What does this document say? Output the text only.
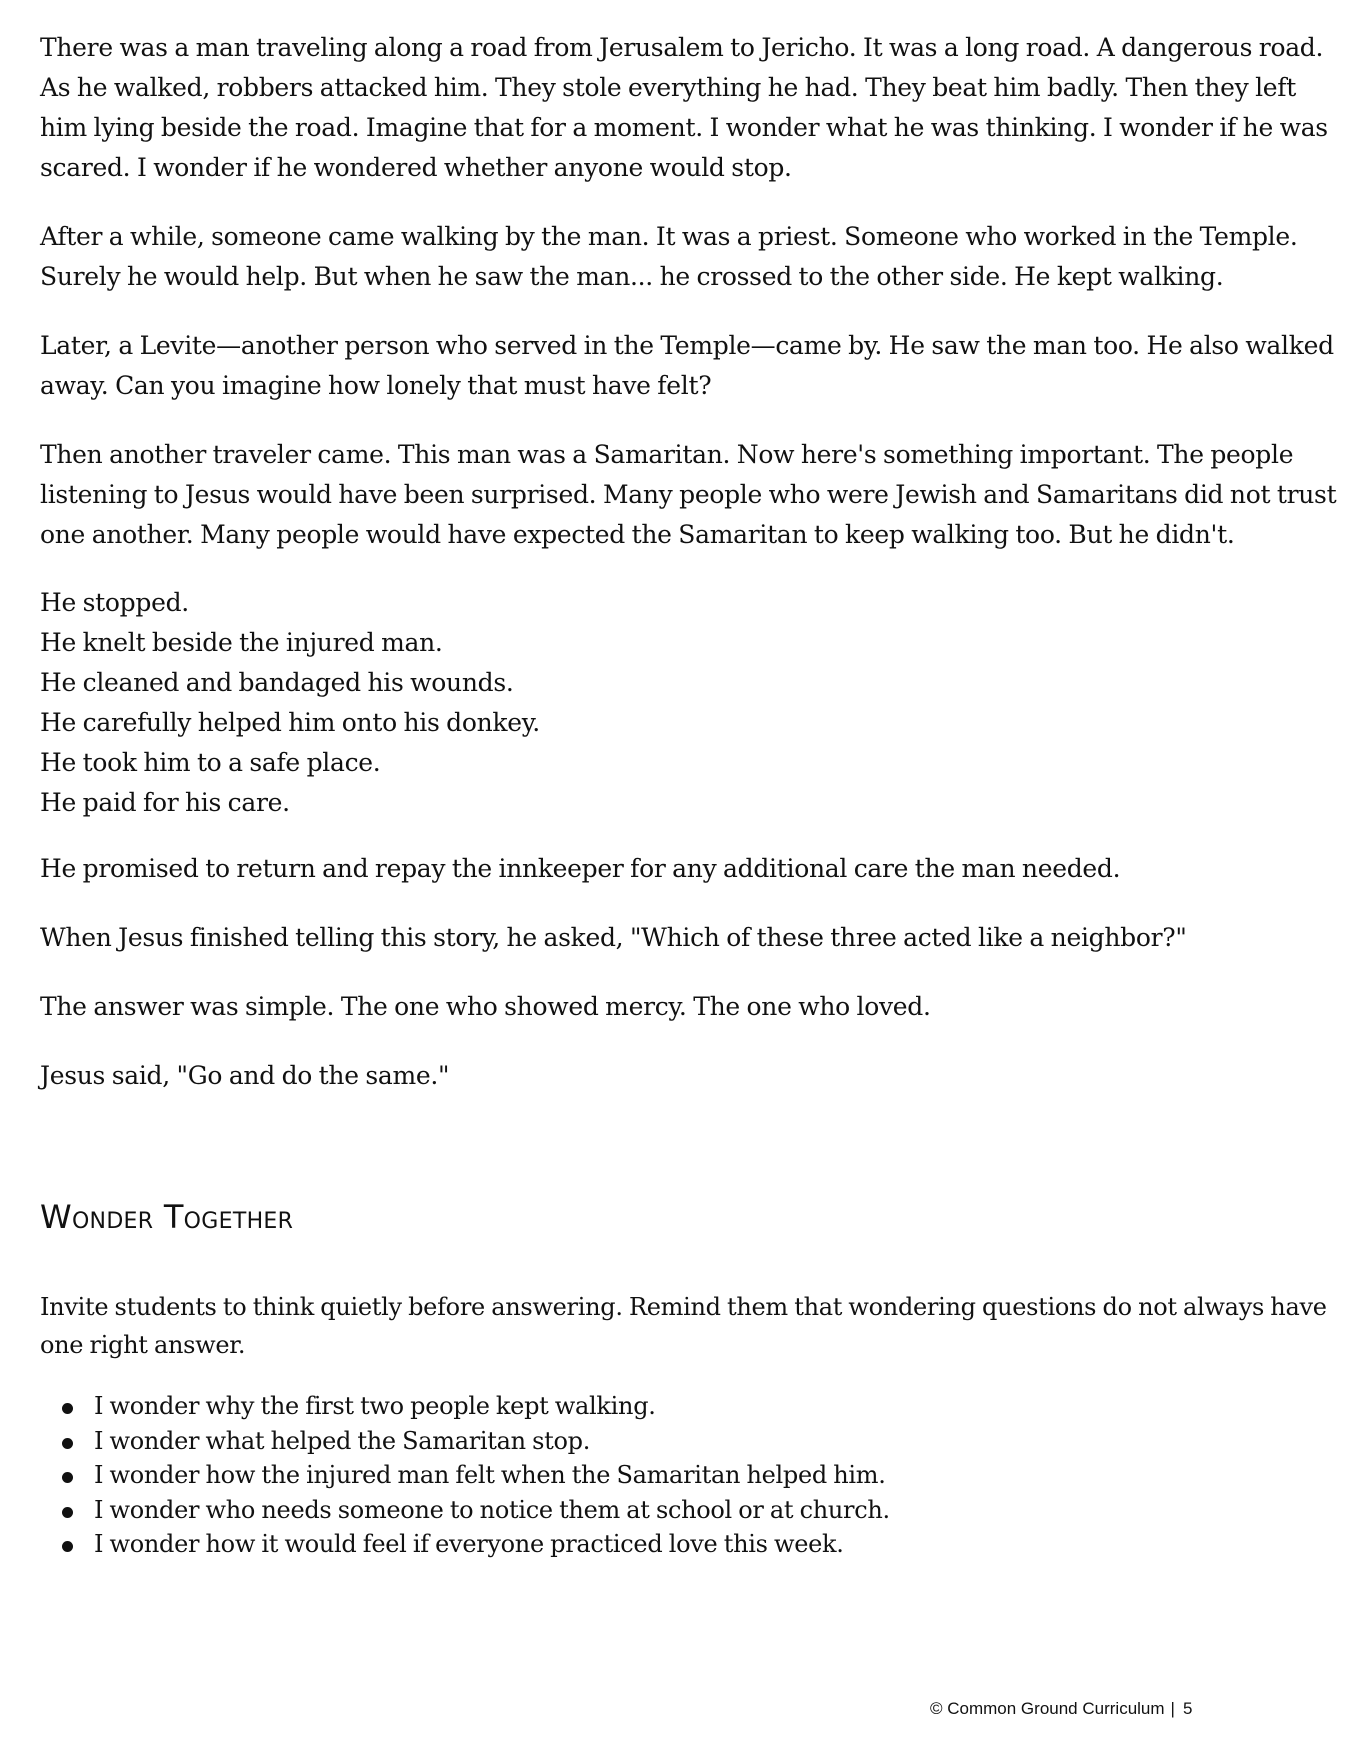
There was a man traveling along a road from Jerusalem to Jericho. It was a long road. A dangerous road. As he walked, robbers attacked him. They stole everything he had. They beat him badly. Then they left him lying beside the road. Imagine that for a moment. I wonder what he was thinking. I wonder if he was scared. I wonder if he wondered whether anyone would stop.

After a while, someone came walking by the man. It was a priest. Someone who worked in the Temple. Surely he would help. But when he saw the man... he crossed to the other side. He kept walking.

Later, a Levite—another person who served in the Temple—came by. He saw the man too. He also walked away. Can you imagine how lonely that must have felt?

Then another traveler came. This man was a Samaritan. Now here's something important. The people listening to Jesus would have been surprised. Many people who were Jewish and Samaritans did not trust one another. Many people would have expected the Samaritan to keep walking too. But he didn't.

He stopped.
He knelt beside the injured man.
He cleaned and bandaged his wounds.
He carefully helped him onto his donkey.
He took him to a safe place.
He paid for his care.

He promised to return and repay the innkeeper for any additional care the man needed.

When Jesus finished telling this story, he asked, "Which of these three acted like a neighbor?"

The answer was simple. The one who showed mercy. The one who loved.

Jesus said, "Go and do the same."

Wonder Together

Invite students to think quietly before answering. Remind them that wondering questions do not always have one right answer.

I wonder why the first two people kept walking.
I wonder what helped the Samaritan stop.
I wonder how the injured man felt when the Samaritan helped him.
I wonder who needs someone to notice them at school or at church.
I wonder how it would feel if everyone practiced love this week.
© Common Ground Curriculum | 5
